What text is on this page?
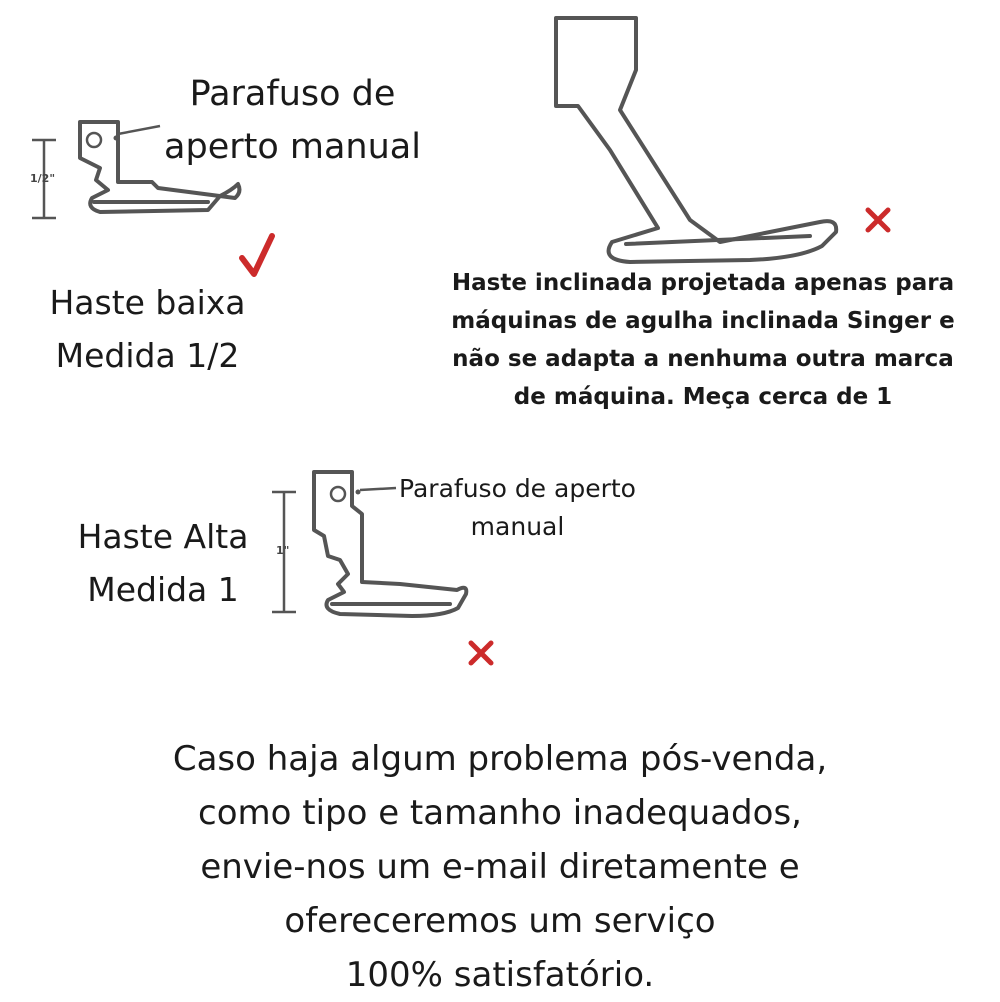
1/2"
Parafuso de
aperto manual
Haste baixa
Medida 1/2
Haste inclinada projetada apenas para
máquinas de agulha inclinada Singer e
não se adapta a nenhuma outra marca
de máquina. Meça cerca de 1
1"
Parafuso de aperto
manual
Haste Alta
Medida 1
Caso haja algum problema pós-venda,
como tipo e tamanho inadequados,
envie-nos um e-mail diretamente e
ofereceremos um serviço
100% satisfatório.
